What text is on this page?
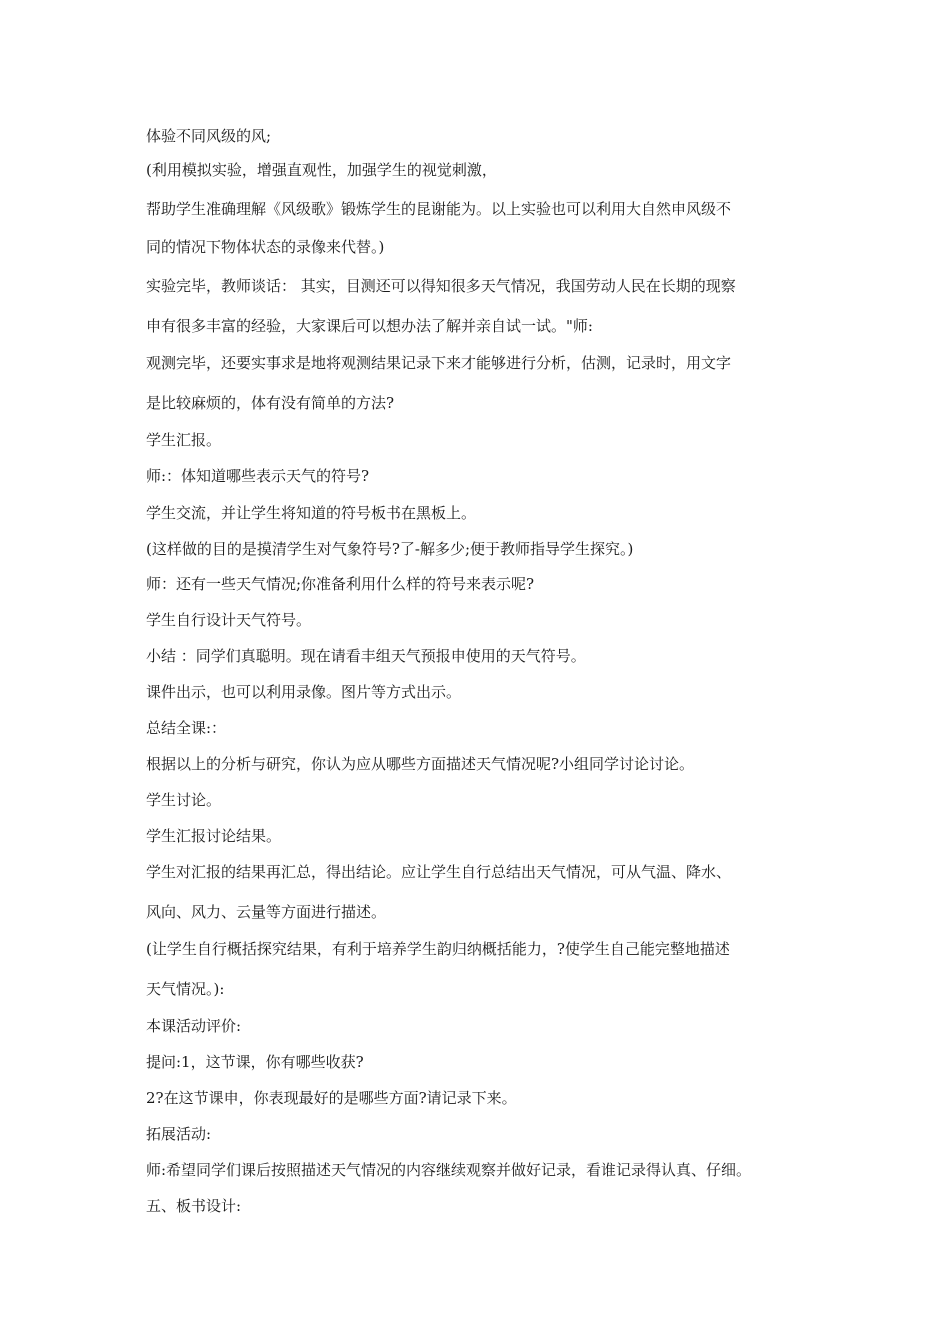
体验不同风级的风;
(利用模拟实验，增强直观性，加强学生的视觉刺激，
帮助学生准确理解《风级歌》锻炼学生的昆谢能为。以上实验也可以利用大自然申风级不
同的情况下物体状态的录像来代替。)
实验完毕，教师谈话： 其实，目测还可以得知很多天气情况，我国劳动人民在长期的现察
申有很多丰富的经验，大家课后可以想办法了解并亲自试一试。"师:
观测完毕，还要实事求是地将观测结果记录下来才能够进行分析，估测，记录时，用文字
是比较麻烦的，体有没有简单的方法?
学生汇报。
师:：体知道哪些表示天气的符号?
学生交流，并让学生将知道的符号板书在黑板上。
(这样做的目的是摸清学生对气象符号?了-解多少;便于教师指导学生探究。)
师：还有一些天气情况;你准备利用什么样的符号来表示呢?
学生自行设计天气符号。
小结 ：同学们真聪明。现在请看丰组天气预报申使用的天气符号。
课件出示，也可以利用录像。图片等方式出示。
总结全课:：
根据以上的分析与研究，你认为应从哪些方面描述天气情况呢?小组同学讨论讨论。
学生讨论。
学生汇报讨论结果。
学生对汇报的结果再汇总，得出结论。应让学生自行总结出天气情况，可从气温、降水、
风向、风力、云量等方面进行描述。
(让学生自行概括探究结果，有利于培养学生韵归纳概括能力，?使学生自己能完整地描述
天气情况。):
本课活动评价:
提问:1，这节课，你有哪些收获?
2?在这节课申，你表现最好的是哪些方面?请记录下来。
拓展活动:
师:希望同学们课后按照描述天气情况的内容继续观察并做好记录，看谁记录得认真、仔细。
五、板书设计:
